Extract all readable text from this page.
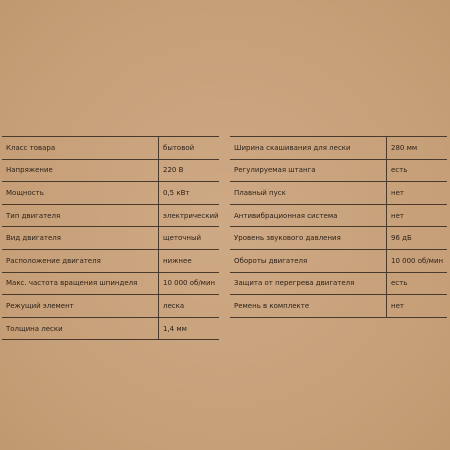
Класс товара	бытовой
Напряжение	220 В
Мощность	0,5 кВт
Тип двигателя	электрический
Вид двигателя	щеточный
Расположение двигателя	нижнее
Макс. частота вращения шпинделя	10 000 об/мин
Режущий элемент	леска
Толщина лески	1,4 мм
Ширина скашивания для лески	280 мм
Регулируемая штанга	есть
Плавный пуск	нет
Антивибрационная система	нет
Уровень звукового давления	96 дБ
Обороты двигателя	10 000 об/мин
Защита от перегрева двигателя	есть
Ремень в комплекте	нет
